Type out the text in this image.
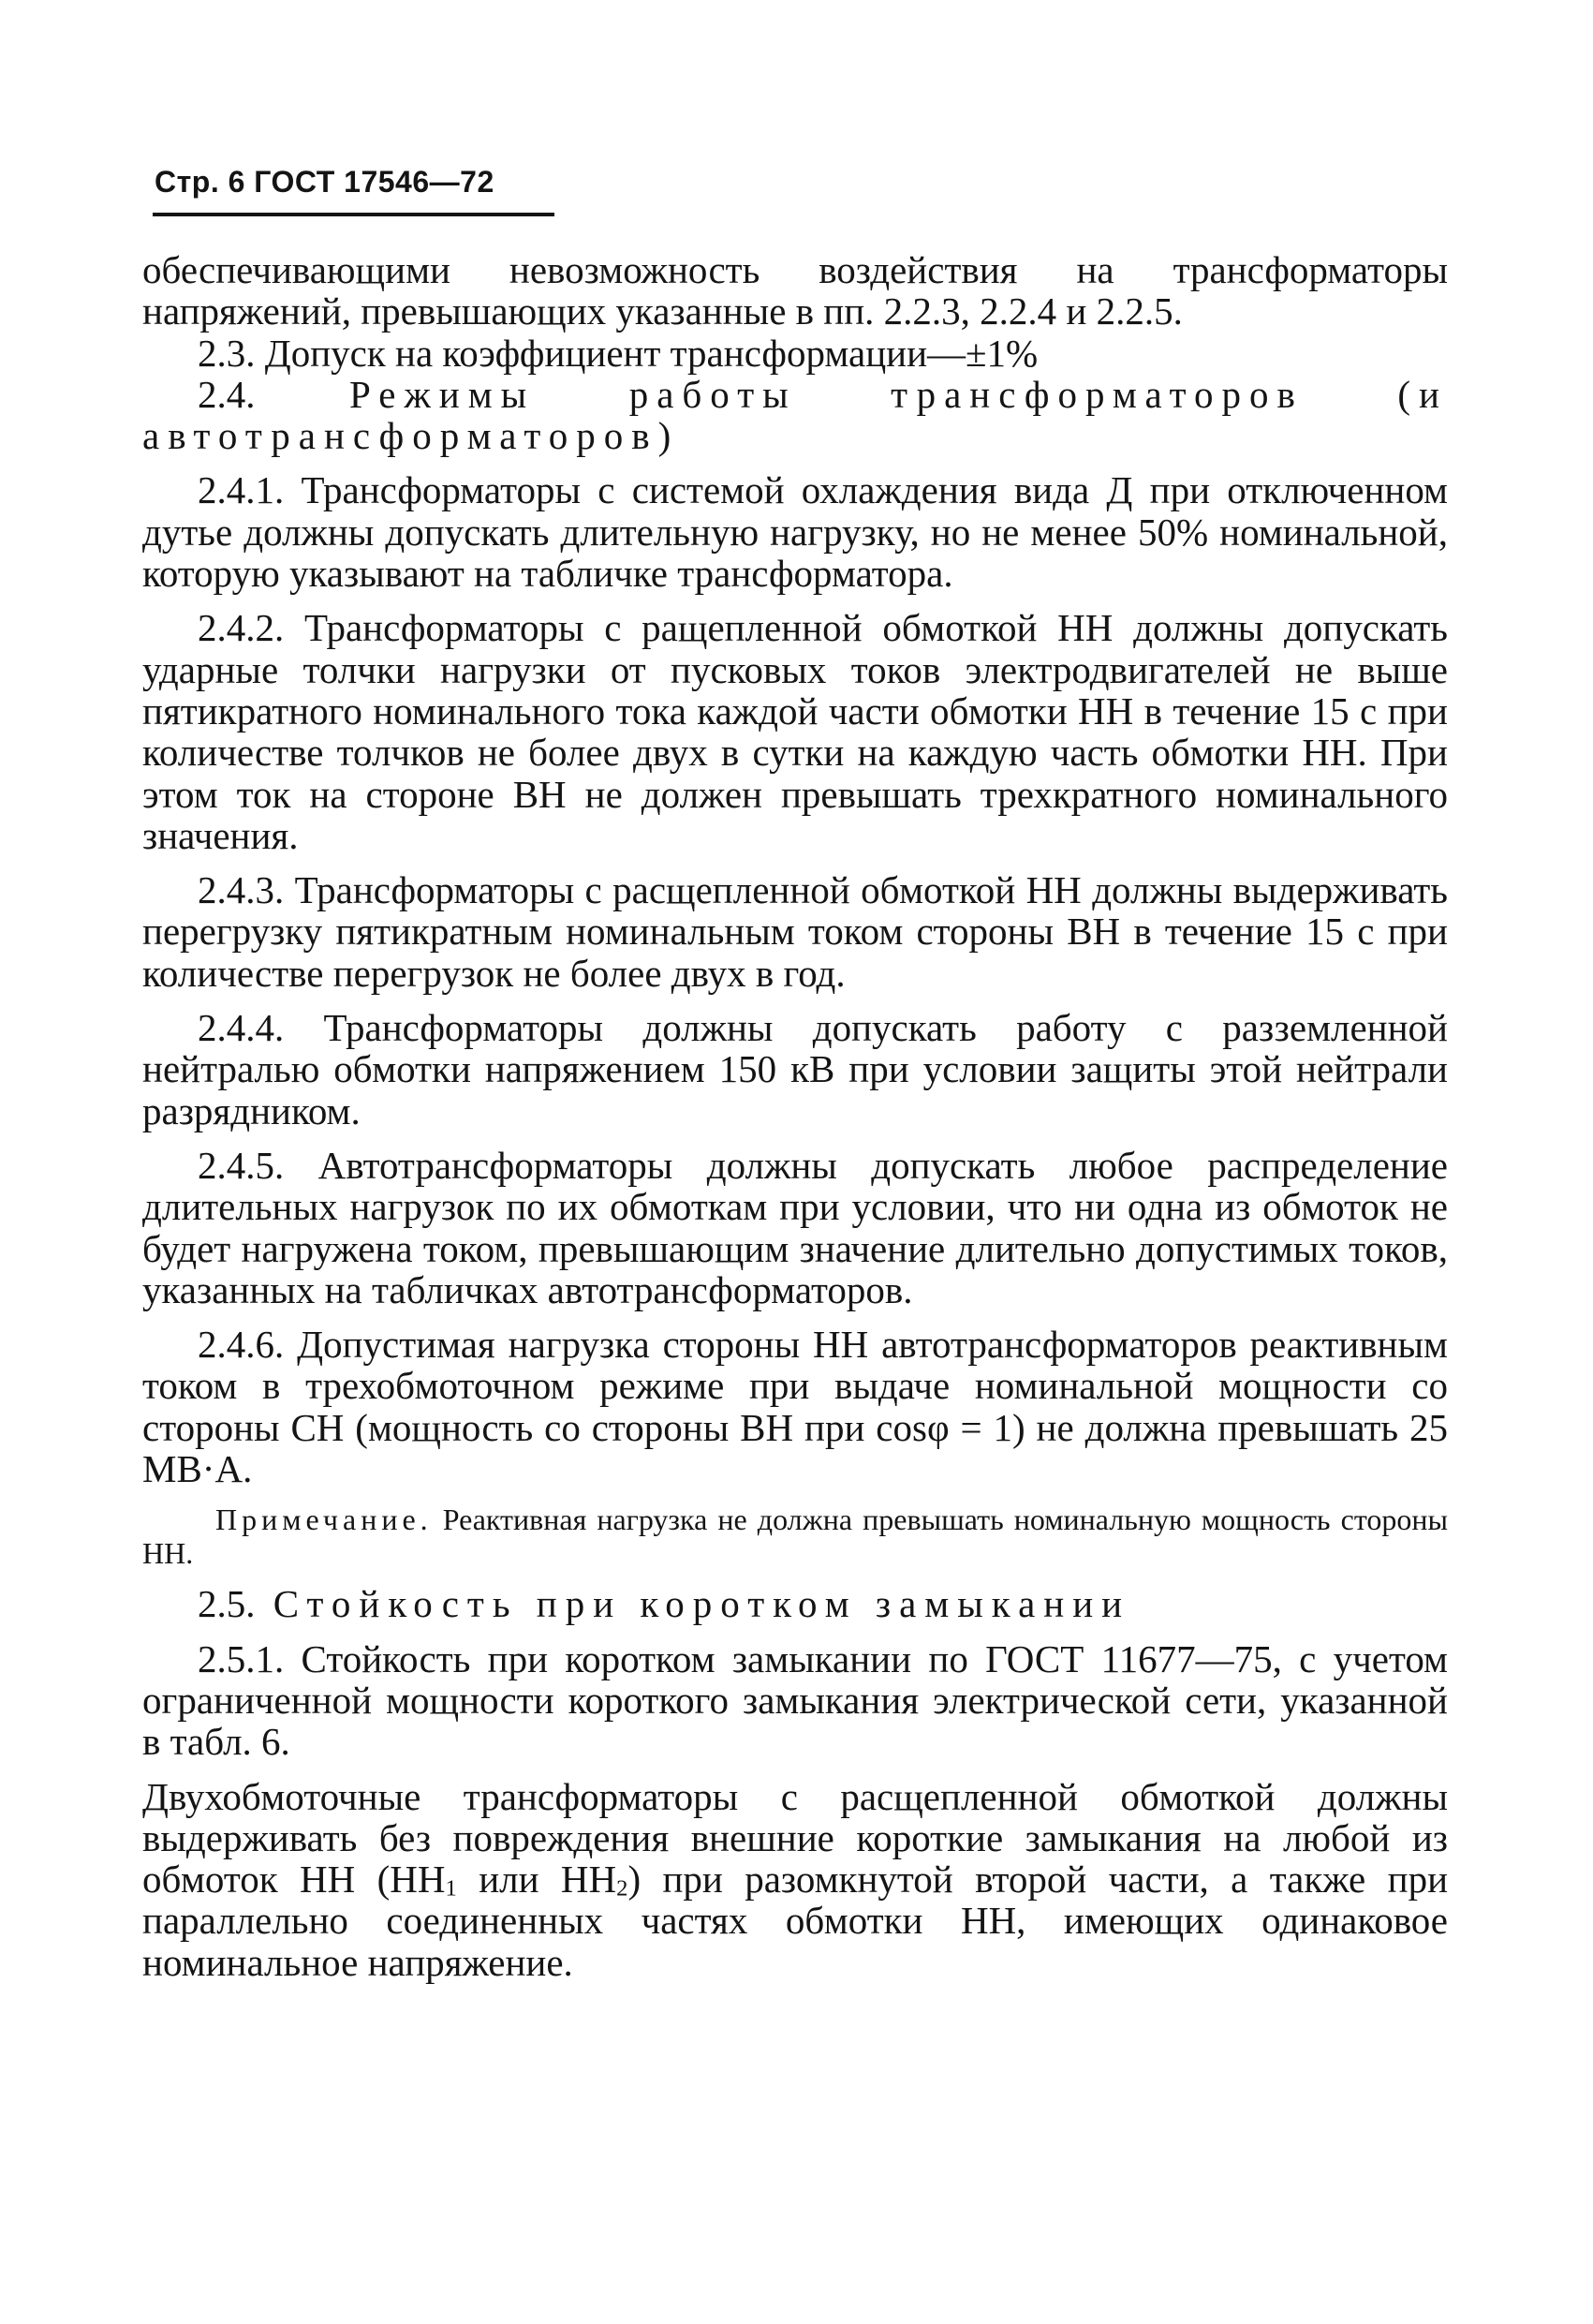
Стр. 6 ГОСТ 17546—72

обеспечивающими невозможность воздействия на трансформаторы напряжений, превышающих указанные в пп. 2.2.3, 2.2.4 и 2.2.5.

2.3. Допуск на коэффициент трансформации—±1%

2.4. Режимы работы трансформаторов (и автотрансформаторов)

2.4.1. Трансформаторы с системой охлаждения вида Д при отключенном дутье должны допускать длительную нагрузку, но не менее 50% номинальной, которую указывают на табличке трансформатора.

2.4.2. Трансформаторы с ращепленной обмоткой НН должны допускать ударные толчки нагрузки от пусковых токов электродвигателей не выше пятикратного номинального тока каждой части обмотки НН в течение 15 с при количестве толчков не более двух в сутки на каждую часть обмотки НН. При этом ток на стороне ВН не должен превышать трехкратного номинального значения.

2.4.3. Трансформаторы с расщепленной обмоткой НН должны выдерживать перегрузку пятикратным номинальным током стороны ВН в течение 15 с при количестве перегрузок не более двух в год.

2.4.4. Трансформаторы должны допускать работу с разземленной нейтралью обмотки напряжением 150 кВ при условии защиты этой нейтрали разрядником.

2.4.5. Автотрансформаторы должны допускать любое распределение длительных нагрузок по их обмоткам при условии, что ни одна из обмоток не будет нагружена током, превышающим значение длительно допустимых токов, указанных на табличках автотрансформаторов.

2.4.6. Допустимая нагрузка стороны НН автотрансформаторов реактивным током в трехобмоточном режиме при выдаче номинальной мощности со стороны СН (мощность со стороны ВН при cosφ = 1) не должна превышать 25 МВ·А.

Примечание. Реактивная нагрузка не должна превышать номинальную мощность стороны НН.

2.5. Стойкость при коротком замыкании

2.5.1. Стойкость при коротком замыкании по ГОСТ 11677—75, с учетом ограниченной мощности короткого замыкания электрической сети, указанной в табл. 6.

Двухобмоточные трансформаторы с расщепленной обмоткой должны выдерживать без повреждения внешние короткие замыкания на любой из обмоток НН ($НН_1$ или $НН_2$) при разомкнутой второй части, а также при параллельно соединенных частях обмотки НН, имеющих одинаковое номинальное напряжение.
